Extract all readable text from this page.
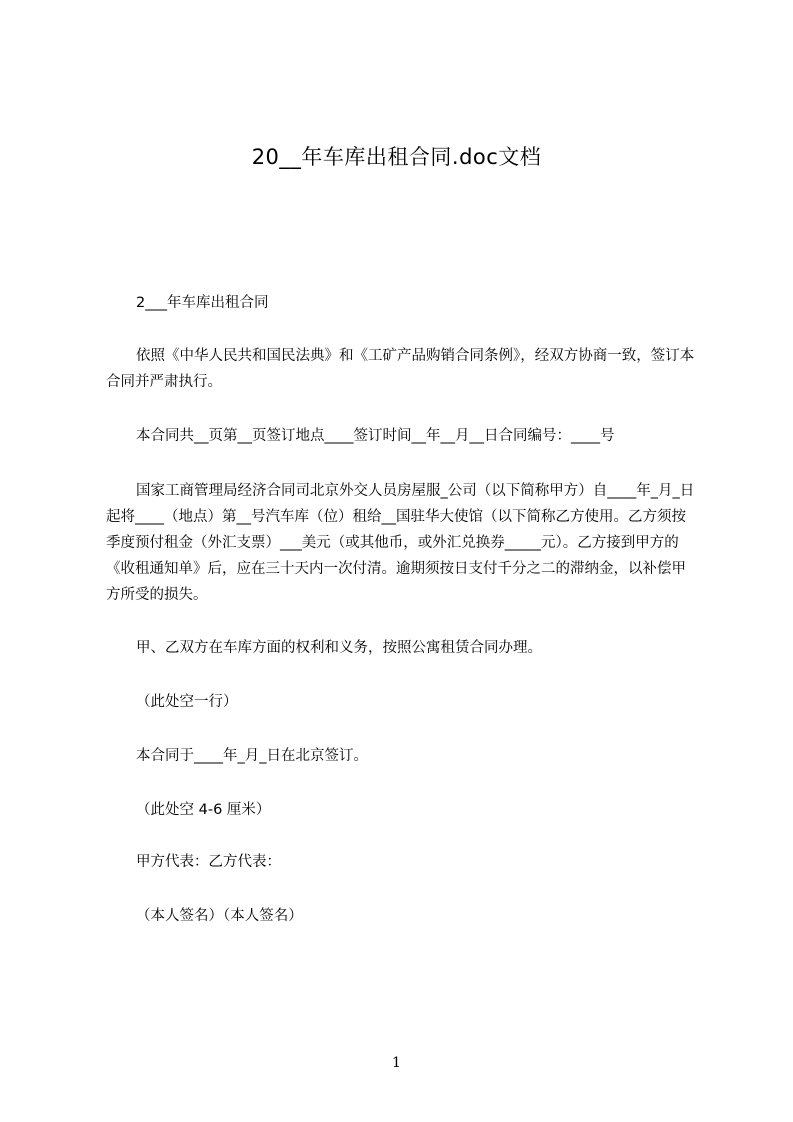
20__年车库出租合同.doc文档
2___年车库出租合同

依照《中华人民共和国民法典》和《工矿产品购销合同条例》，经双方协商一致，签订本合同并严肃执行。

本合同共__页第__页签订地点____签订时间__年__月__日合同编号：____号

国家工商管理局经济合同司北京外交人员房屋服_公司（以下简称甲方）自____年_月_日起将____（地点）第__号汽车库（位）租给__国驻华大使馆（以下简称乙方使用。乙方须按季度预付租金（外汇支票）___美元（或其他币，或外汇兑换券_____元）。乙方接到甲方的《收租通知单》后，应在三十天内一次付清。逾期须按日支付千分之二的滞纳金，以补偿甲方所受的损失。

甲、乙双方在车库方面的权利和义务，按照公寓租赁合同办理。
（此处空一行）
本合同于____年_月_日在北京签订。
（此处空 4-6 厘米）
甲方代表：乙方代表：
（本人签名）（本人签名）
1
